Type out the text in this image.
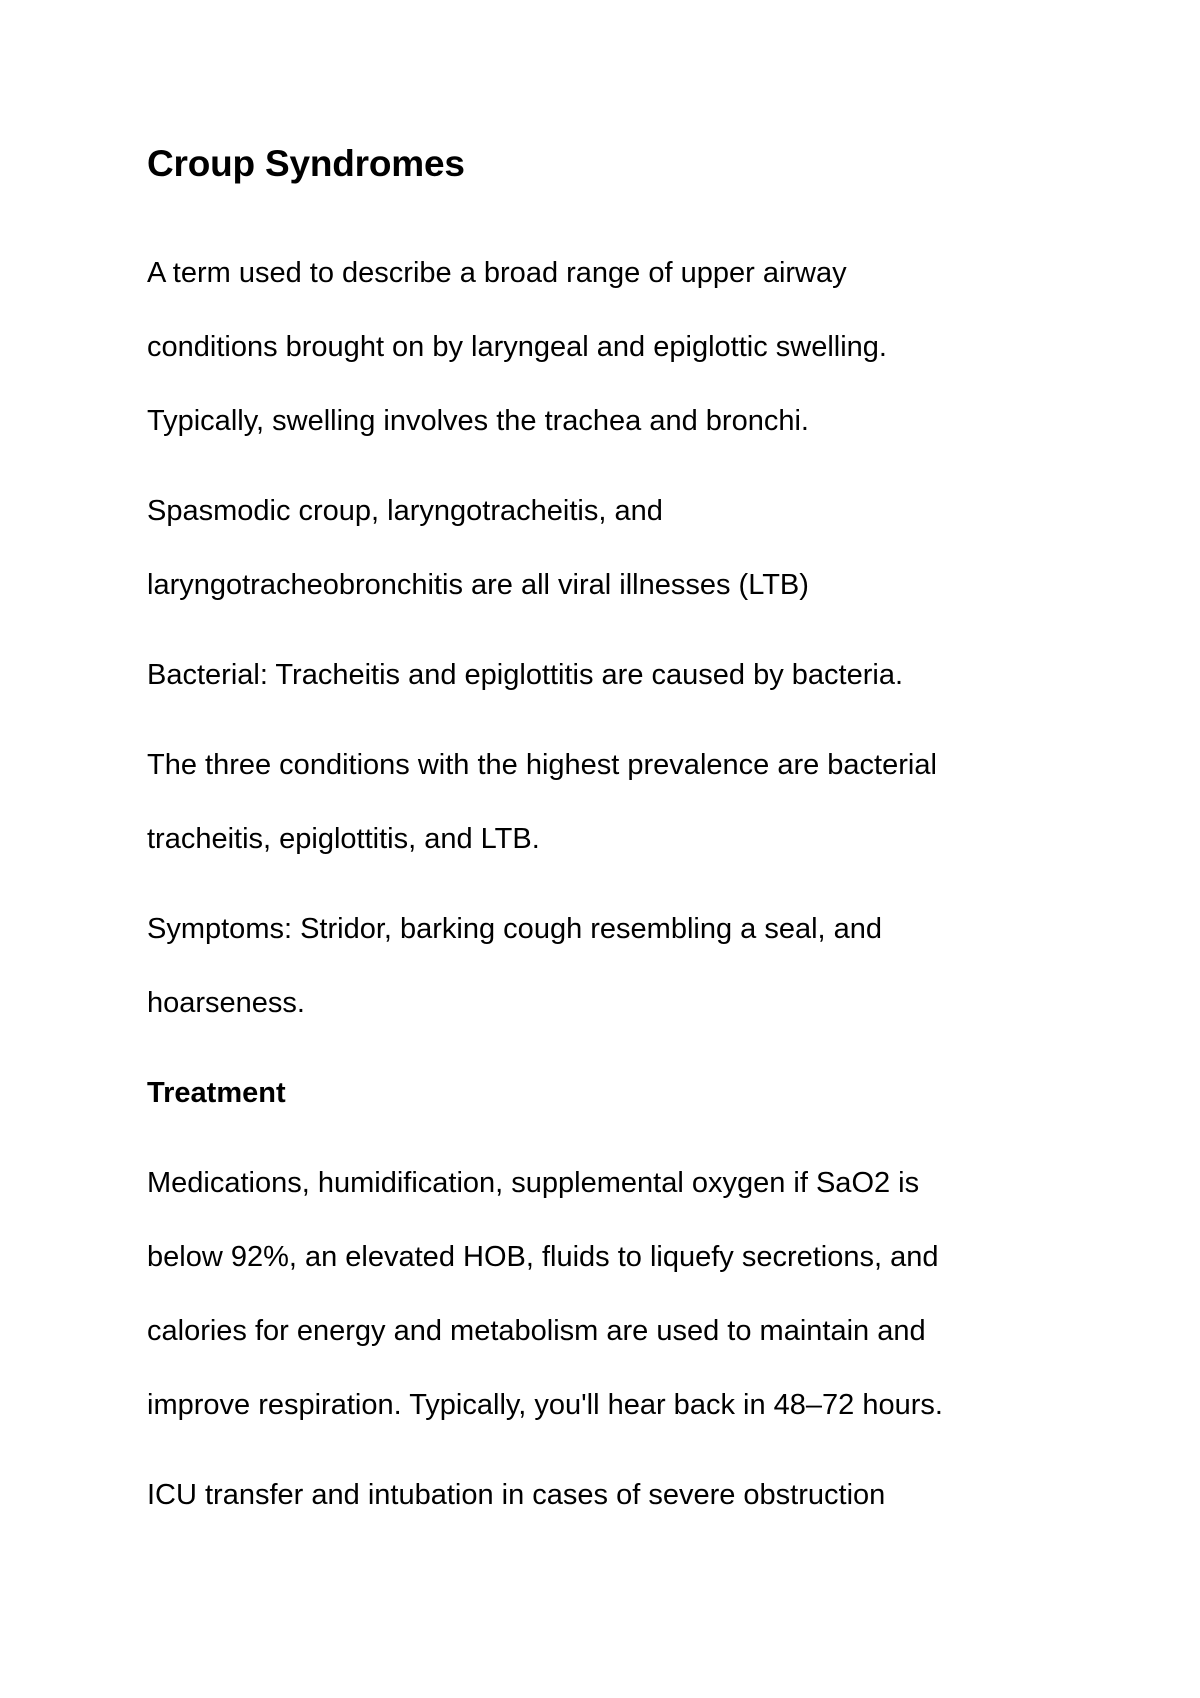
Croup Syndromes

A term used to describe a broad range of upper airway
conditions brought on by laryngeal and epiglottic swelling.
Typically, swelling involves the trachea and bronchi.

Spasmodic croup, laryngotracheitis, and
laryngotracheobronchitis are all viral illnesses (LTB)

Bacterial: Tracheitis and epiglottitis are caused by bacteria.

The three conditions with the highest prevalence are bacterial
tracheitis, epiglottitis, and LTB.

Symptoms: Stridor, barking cough resembling a seal, and
hoarseness.

Treatment

Medications, humidification, supplemental oxygen if SaO2 is
below 92%, an elevated HOB, fluids to liquefy secretions, and
calories for energy and metabolism are used to maintain and
improve respiration. Typically, you'll hear back in 48–72 hours.

ICU transfer and intubation in cases of severe obstruction
